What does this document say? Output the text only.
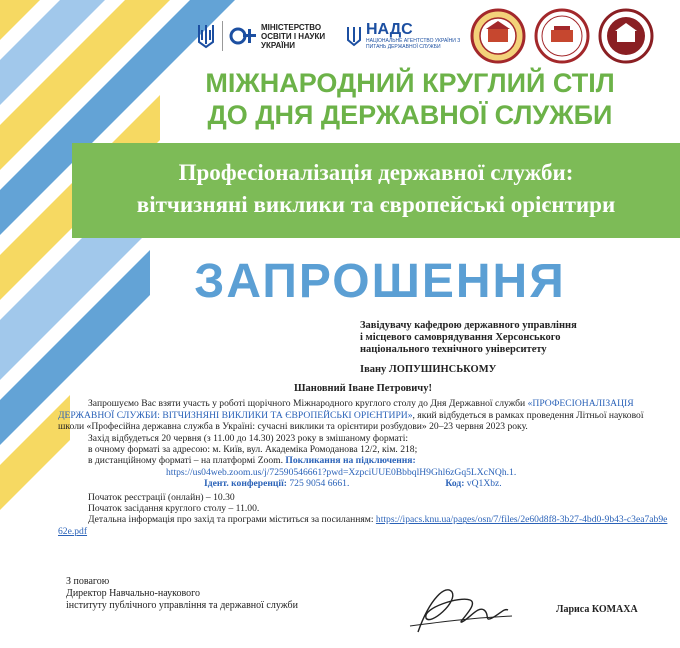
МІНІСТЕРСТВО ОСВІТИ І НАУКИ УКРАЇНИ
НАДС
НАЦІОНАЛЬНЕ АГЕНТСТВО УКРАЇНИ З ПИТАНЬ ДЕРЖАВНОЇ СЛУЖБИ
МІЖНАРОДНИЙ КРУГЛИЙ СТІЛ
ДО ДНЯ ДЕРЖАВНОЇ СЛУЖБИ
Професіоналізація державної служби:
вітчизняні виклики та європейські орієнтири
ЗАПРОШЕННЯ
Завідувачу кафедрою державного управління
і місцевого самоврядування Херсонського
національного технічного університету
Івану ЛОПУШИНСЬКОМУ

Шановний Іване Петровичу!

Запрошуємо Вас взяти участь у роботі щорічного Міжнародного круглого столу до Дня Державної служби «ПРОФЕСІОНАЛІЗАЦІЯ ДЕРЖАВНОЇ СЛУЖБИ: ВІТЧИЗНЯНІ ВИКЛИКИ ТА ЄВРОПЕЙСЬКІ ОРІЄНТИРИ», який відбудеться в рамках проведення Літньої наукової школи «Професійна державна служба в Україні: сучасні виклики та орієнтири розбудови» 20–23 червня 2023 року.

Захід відбудеться 20 червня (з 11.00 до 14.30) 2023 року в змішаному форматі:

в очному форматі за адресою: м. Київ, вул. Академіка Ромоданова 12/2, кім. 218;

в дистанційному форматі – на платформі Zoom. Покликання на підключення:

https://us04web.zoom.us/j/72590546661?pwd=XzpciUUE0BbbqlH9Ghl6zGq5LXcNQh.1.

Ідент. конференції: 725 9054 6661.	Код: vQ1Xbz.

Початок реєстрації (онлайн) – 10.30

Початок засідання круглого столу – 11.00.

Детальна інформація про захід та програми міститься за посиланням: https://ipacs.knu.ua/pages/osn/7/files/2e60d8f8-3b27-4bd0-9b43-c3ea7ab9e62e.pdf

З повагою
Директор Навчально-наукового
інституту публічного управління та державної служби	Лариса КОМАХА
